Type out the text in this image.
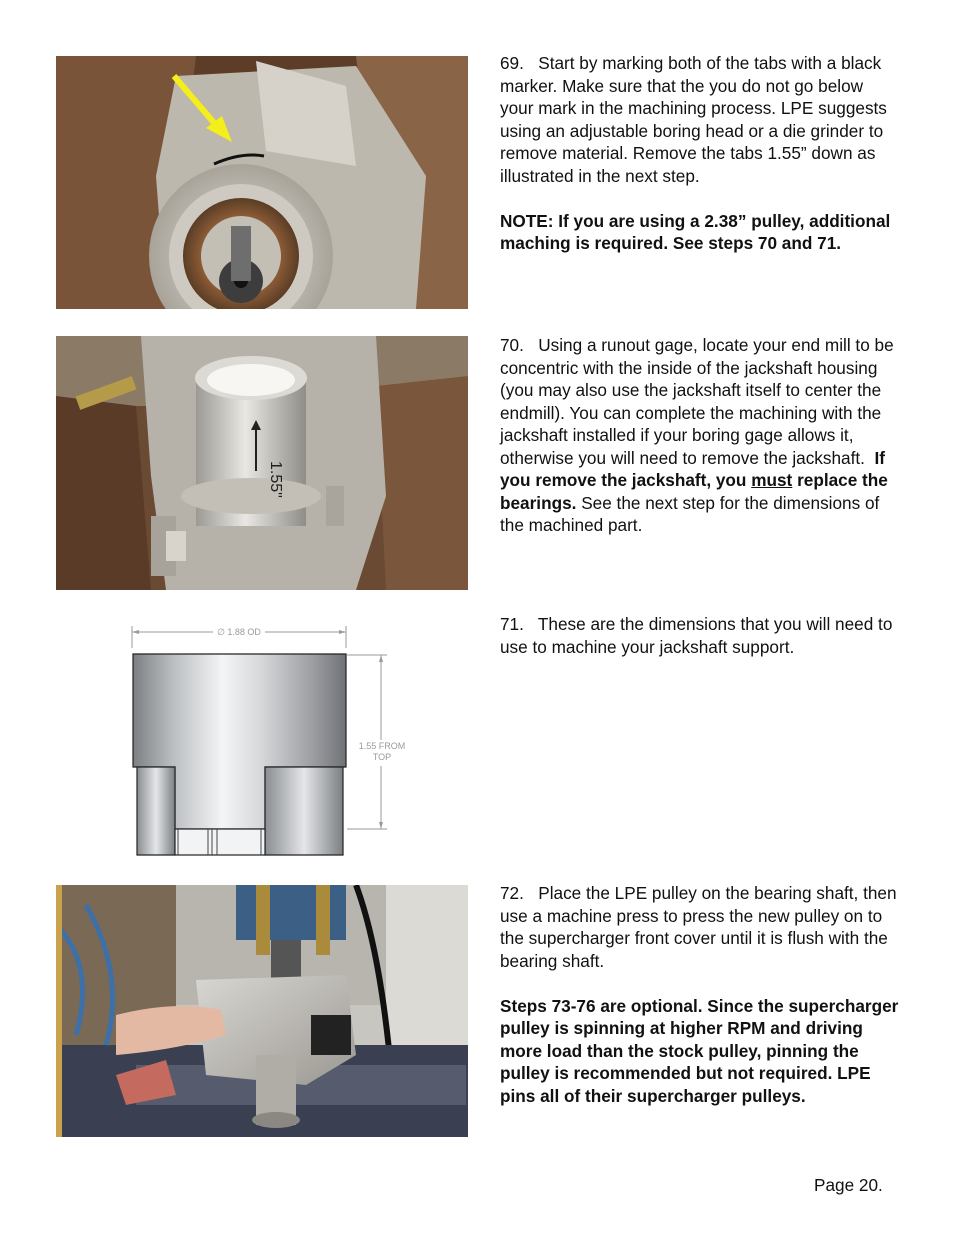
69. Start by marking both of the tabs with a black marker. Make sure that the you do not go below your mark in the machining process. LPE suggests using an adjustable boring head or a die grinder to remove material. Remove the tabs 1.55” down as illustrated in the next step.

NOTE: If you are using a 2.38” pulley, additional maching is required. See steps 70 and 71.

1.55"

70. Using a runout gage, locate your end mill to be concentric with the inside of the jackshaft housing (you may also use the jackshaft itself to center the endmill). You can complete the machining with the jackshaft installed if your boring gage allows it, otherwise you will need to remove the jackshaft. If you remove the jackshaft, you must replace the bearings. See the next step for the dimensions of the machined part.

∅ 1.88 OD
1.55 FROM
TOP

71. These are the dimensions that you will need to use to machine your jackshaft support.

72. Place the LPE pulley on the bearing shaft, then use a machine press to press the new pulley on to the supercharger front cover until it is flush with the bearing shaft.

Steps 73-76 are optional. Since the supercharger pulley is spinning at higher RPM and driving more load than the stock pulley, pinning the pulley is recommended but not required. LPE pins all of their supercharger pulleys.

Page 20.
